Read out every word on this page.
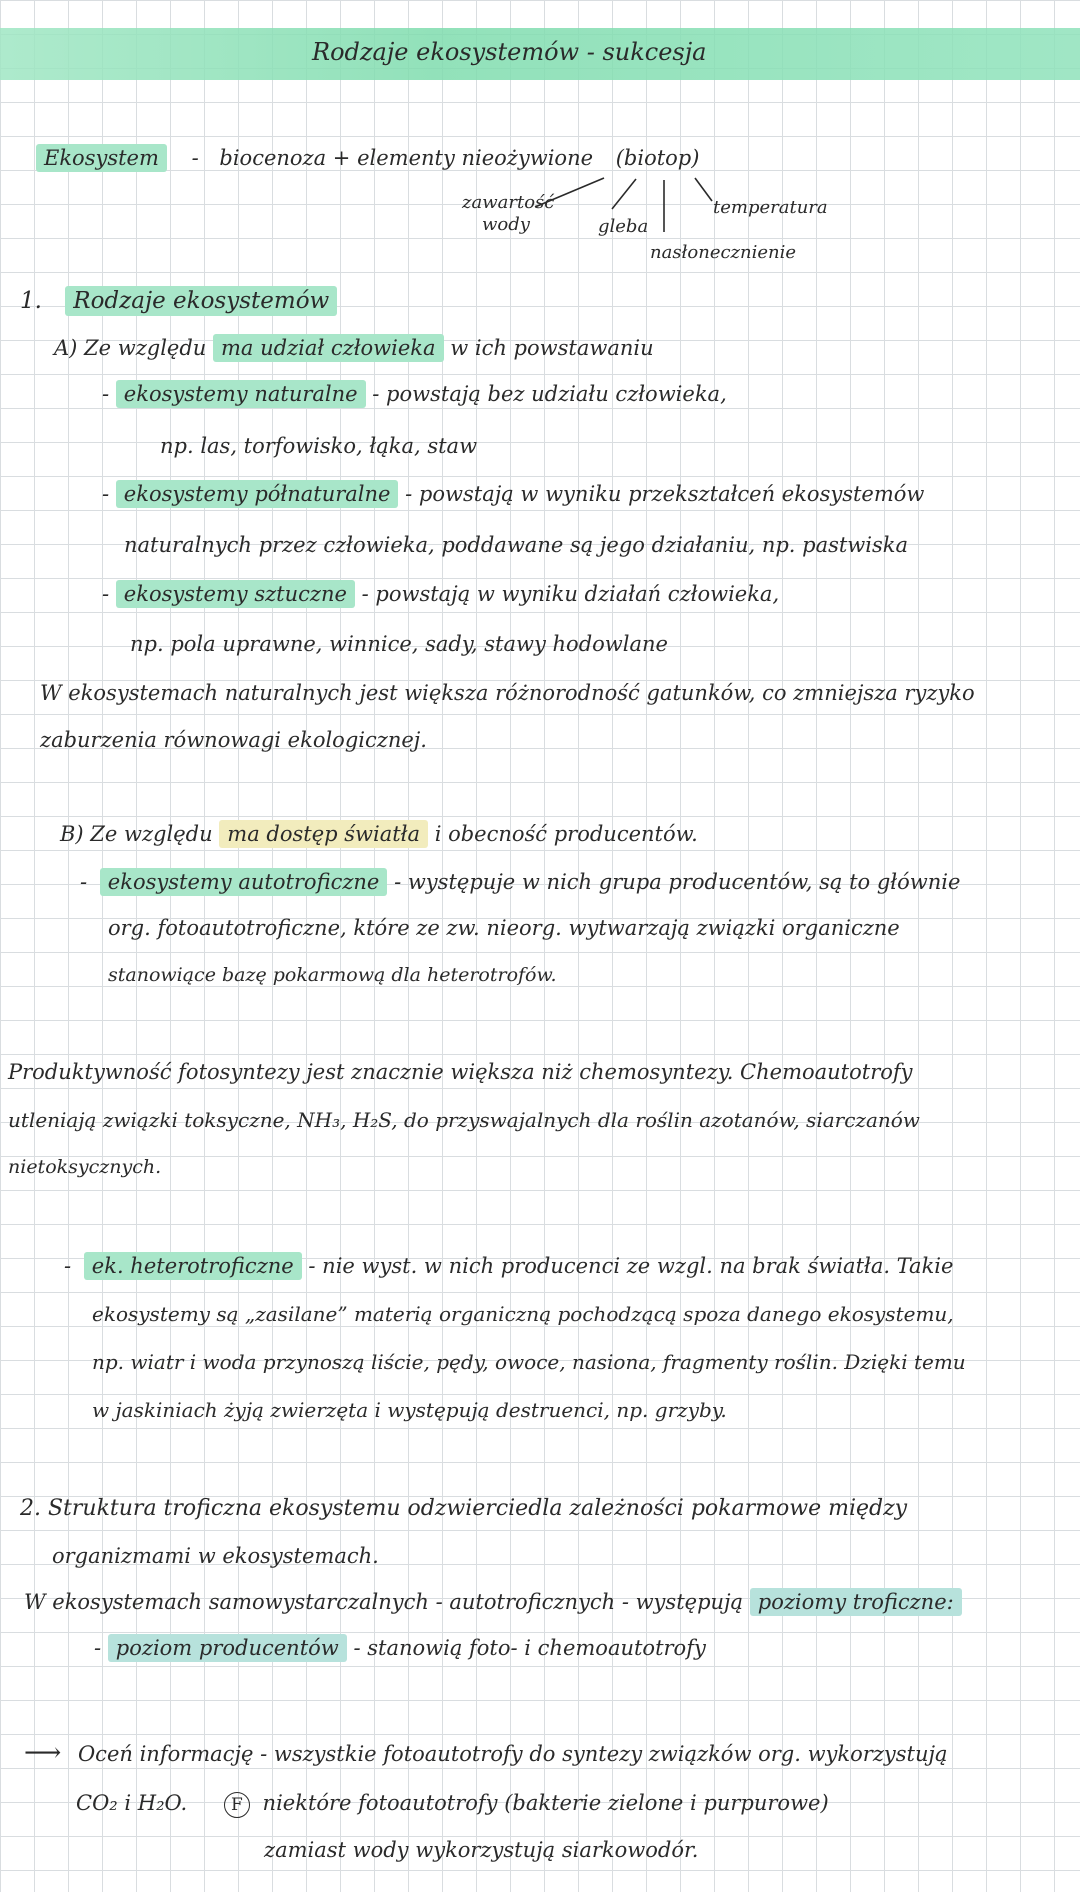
Rodzaje ekosystemów - sukcesja
Ekosystem - biocenoza + elementy nieożywione (biotop)
zawartość
wody	gleba
temperatura
nasłonecznienie
1. Rodzaje ekosystemów
A) Ze względu ma udział człowieka w ich powstawaniu
- ekosystemy naturalne - powstają bez udziału człowieka,
np. las, torfowisko, łąka, staw
- ekosystemy półnaturalne - powstają w wyniku przekształceń ekosystemów
naturalnych przez człowieka, poddawane są jego działaniu, np. pastwiska
- ekosystemy sztuczne - powstają w wyniku działań człowieka,
np. pola uprawne, winnice, sady, stawy hodowlane
W ekosystemach naturalnych jest większa różnorodność gatunków, co zmniejsza ryzyko
zaburzenia równowagi ekologicznej.
B) Ze względu ma dostęp światła i obecność producentów.
- ekosystemy autotroficzne - występuje w nich grupa producentów, są to głównie
org. fotoautotroficzne, które ze zw. nieorg. wytwarzają związki organiczne
stanowiące bazę pokarmową dla heterotrofów.
Produktywność fotosyntezy jest znacznie większa niż chemosyntezy. Chemoautotrofy
utleniają związki toksyczne, NH₃, H₂S, do przyswajalnych dla roślin azotanów, siarczanów
nietoksycznych.
- ek. heterotroficzne - nie wyst. w nich producenci ze wzgl. na brak światła. Takie
ekosystemy są „zasilane” materią organiczną pochodzącą spoza danego ekosystemu,
np. wiatr i woda przynoszą liście, pędy, owoce, nasiona, fragmenty roślin. Dzięki temu
w jaskiniach żyją zwierzęta i występują destruenci, np. grzyby.
2. Struktura troficzna ekosystemu odzwierciedla zależności pokarmowe między
organizmami w ekosystemach.
W ekosystemach samowystarczalnych - autotroficznych - występują poziomy troficzne:
- poziom producentów - stanowią foto- i chemoautotrofy
⟶ Oceń informację - wszystkie fotoautotrofy do syntezy związków org. wykorzystują
CO₂ i H₂O.	F niektóre fotoautotrofy (bakterie zielone i purpurowe)
zamiast wody wykorzystują siarkowodór.
